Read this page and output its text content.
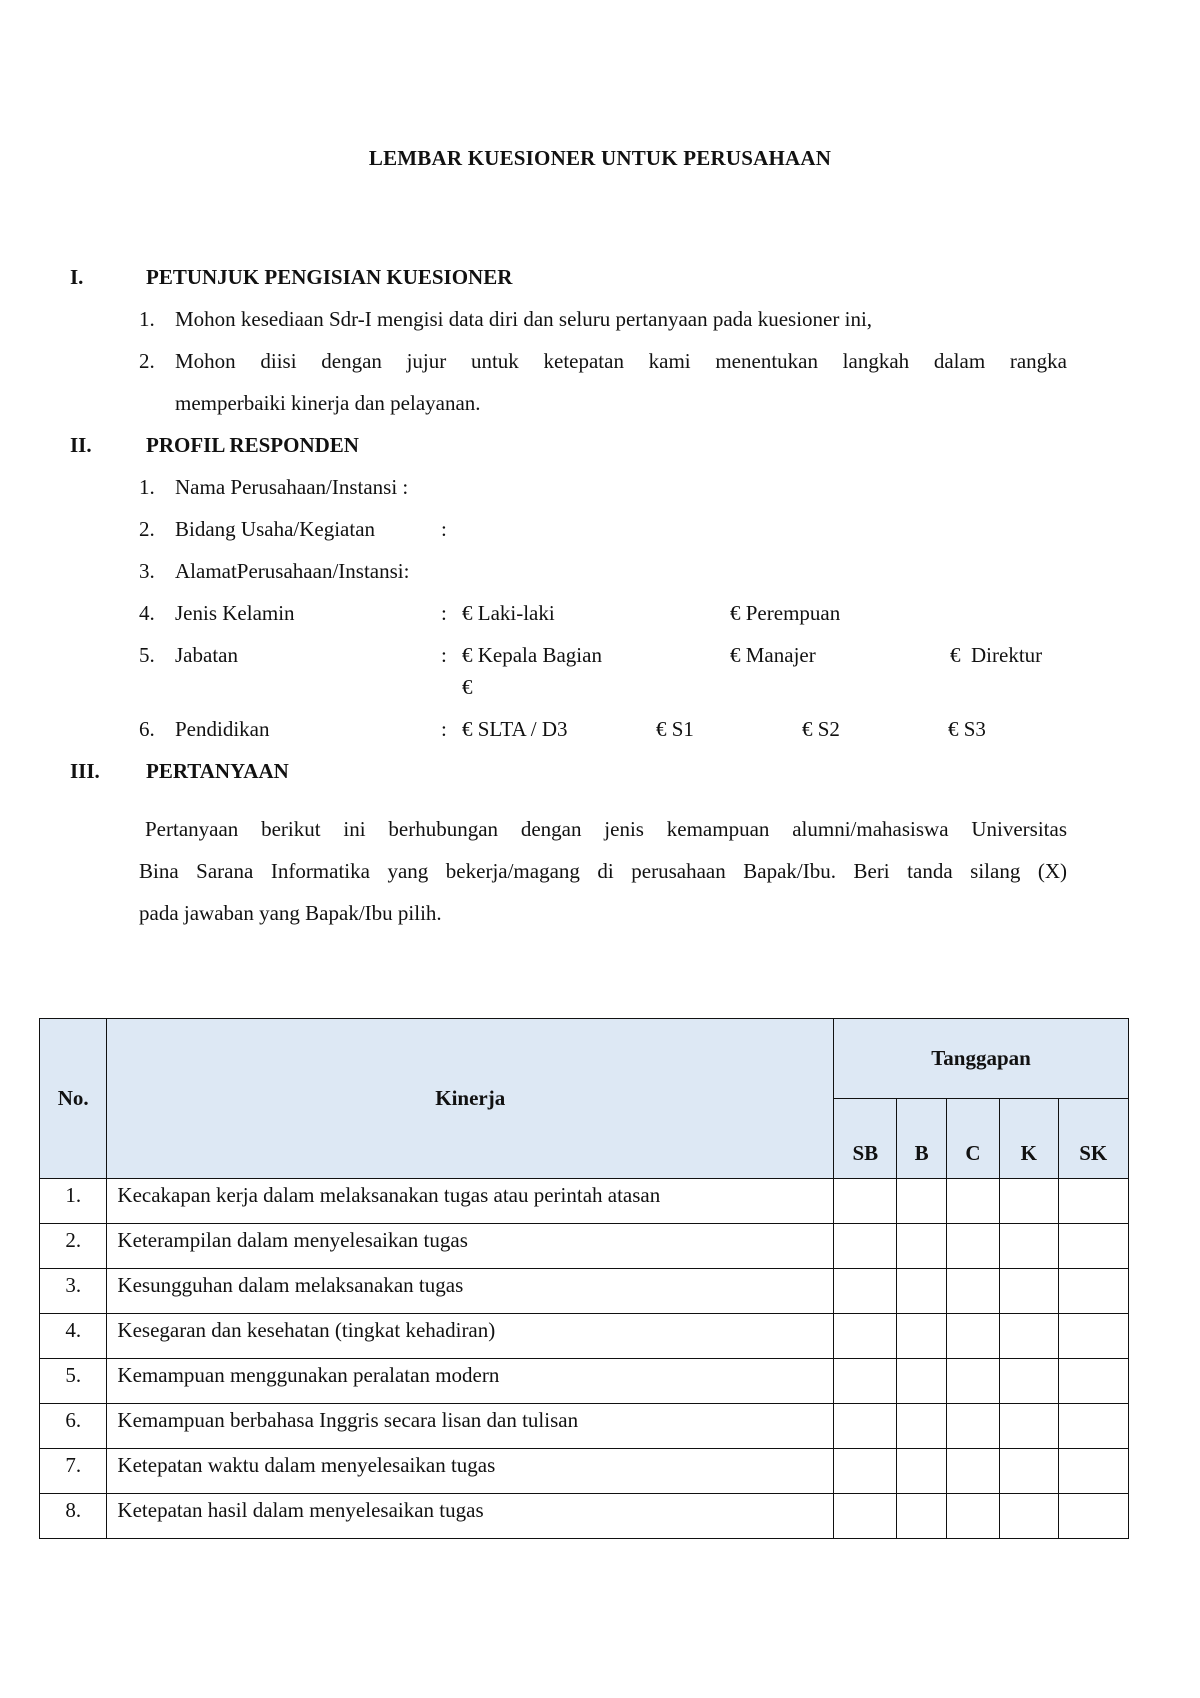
LEMBAR KUESIONER UNTUK PERUSAHAAN
I.	PETUNJUK PENGISIAN KUESIONER
1. Mohon kesediaan Sdr-I mengisi data diri dan seluru pertanyaan pada kuesioner ini,
2. Mohon diisi dengan jujur untuk ketepatan kami menentukan langkah dalam rangka
memperbaiki kinerja dan pelayanan.
II.	PROFIL RESPONDEN
1. Nama Perusahaan/Instansi :
2. Bidang Usaha/Kegiatan	:
3. AlamatPerusahaan/Instansi:
4. Jenis Kelamin	: € Laki-laki	€ Perempuan
5. Jabatan	: € Kepala Bagian	€ Manajer	€ Direktur
€
6. Pendidikan	: € SLTA / D3	€ S1	€ S2	€ S3
III. PERTANYAAN
Pertanyaan berikut ini berhubungan dengan jenis kemampuan alumni/mahasiswa Universitas
Bina Sarana Informatika yang bekerja/magang di perusahaan Bapak/Ibu. Beri tanda silang (X)
pada jawaban yang Bapak/Ibu pilih.
No.	Kinerja	Tanggapan				
		SB	B	C	K	SK
1.	Kecakapan kerja dalam melaksanakan tugas atau perintah atasan					
2.	Keterampilan dalam menyelesaikan tugas					
3.	Kesungguhan dalam melaksanakan tugas					
4.	Kesegaran dan kesehatan (tingkat kehadiran)					
5.	Kemampuan menggunakan peralatan modern					
6.	Kemampuan berbahasa Inggris secara lisan dan tulisan					
7.	Ketepatan waktu dalam menyelesaikan tugas					
8.	Ketepatan hasil dalam menyelesaikan tugas					
